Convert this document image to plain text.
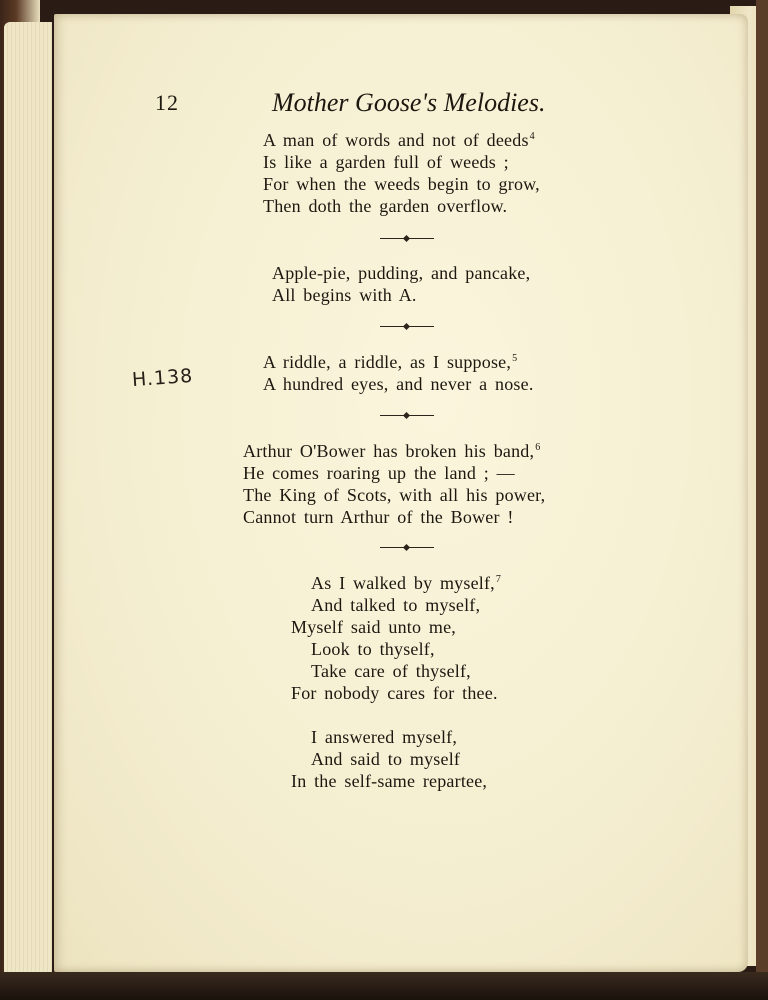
12	Mother Goose's Melodies.
H.138
A man of words and not of deeds$^4$
Is like a garden full of weeds ;
For when the weeds begin to grow,
Then doth the garden overflow.
Apple-pie, pudding, and pancake,
All begins with A.
A riddle, a riddle, as I suppose,$^5$
A hundred eyes, and never a nose.
Arthur O'Bower has broken his band,$^6$
He comes roaring up the land ; —
The King of Scots, with all his power,
Cannot turn Arthur of the Bower !
As I walked by myself,$^7$
And talked to myself,
Myself said unto me,
Look to thyself,
Take care of thyself,
For nobody cares for thee.
I answered myself,
And said to myself
In the self-same repartee,
